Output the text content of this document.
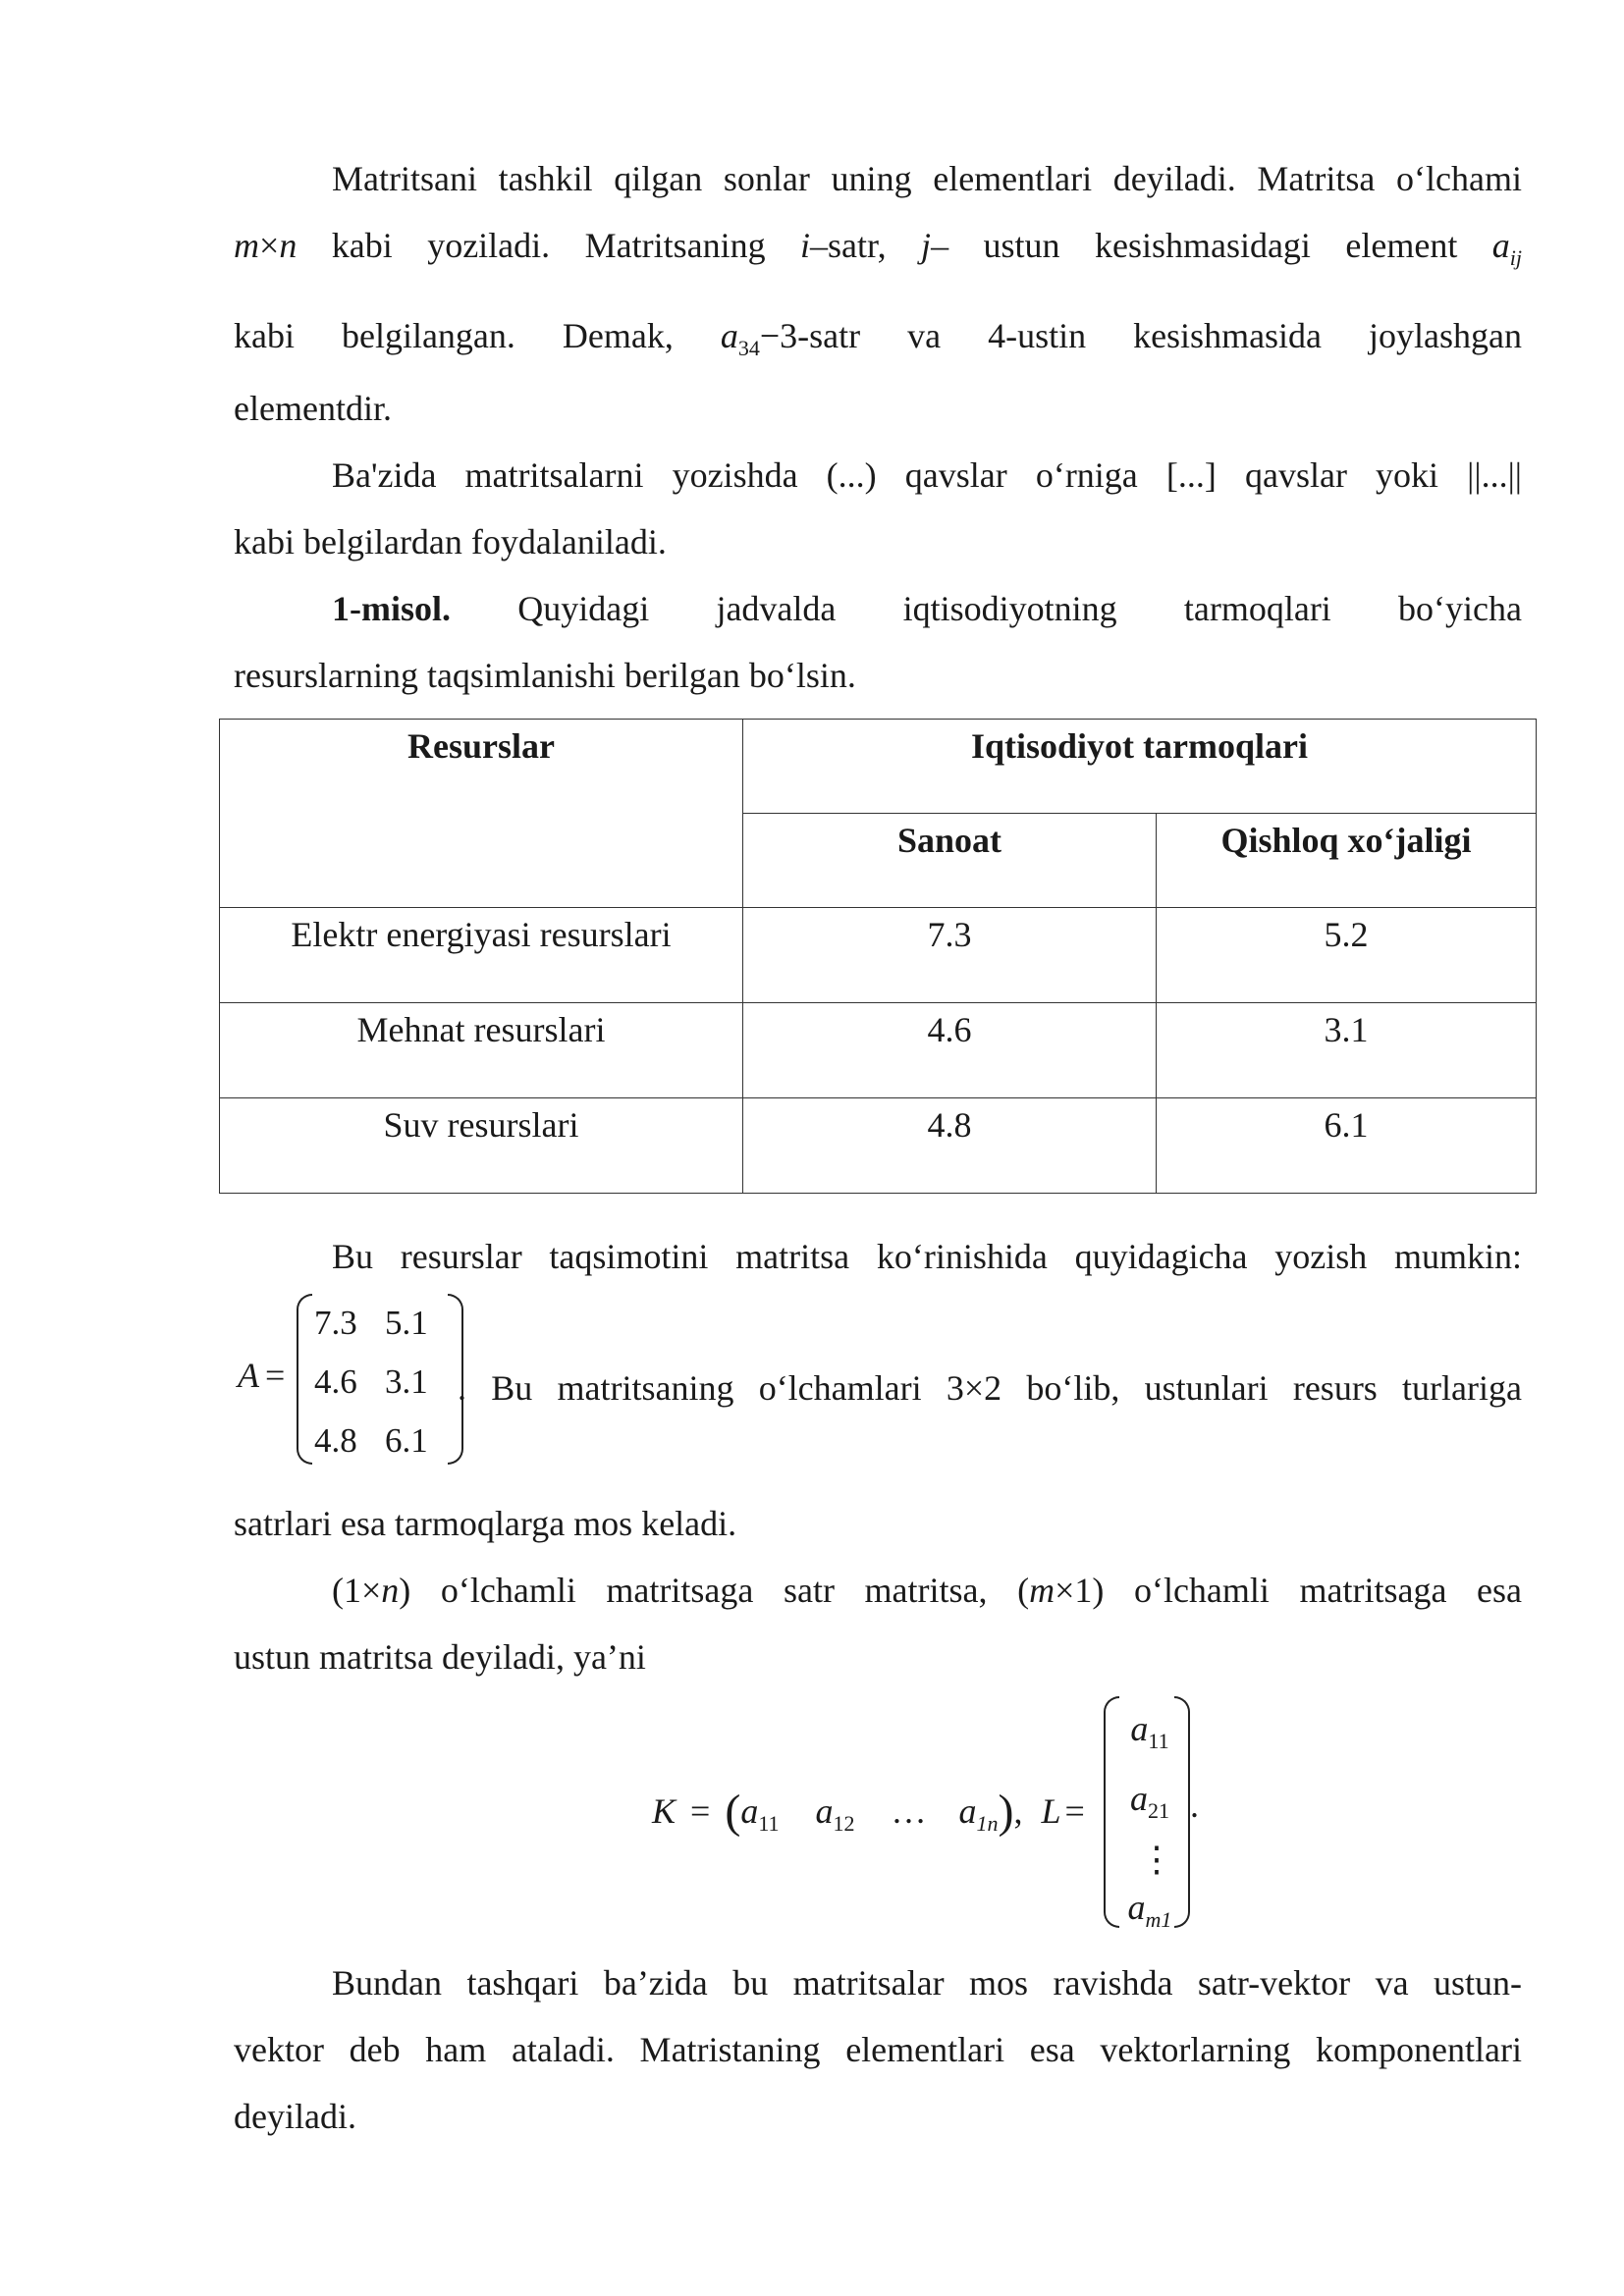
Matritsani tashkil qilgan sonlar uning elementlari deyiladi. Matritsa o‘lchami
m×n kabi yoziladi. Matritsaning i–satr, j– ustun kesishmasidagi element $a_{ij}$
kabi belgilangan. Demak, $a_{34}-3$-satr va 4-ustin kesishmasida joylashgan
elementdir.
Ba'zida matritsalarni yozishda (...) qavslar o‘rniga [...] qavslar yoki ||...||
kabi belgilardan foydalaniladi.
1-misol. Quyidagi jadvalda iqtisodiyotning tarmoqlari bo‘yicha
resurslarning taqsimlanishi berilgan bo‘lsin.
Resurslar	Iqtisodiyot tarmoqlari	
	Sanoat	Qishloq xo‘jaligi
Elektr energiyasi resurslari	7.3	5.2
Mehnat resurslari	4.6	3.1
Suv resurslari	4.8	6.1
Bu resurslar taqsimotini matritsa ko‘rinishida quyidagicha yozish mumkin:
A =
7.3 5.1
4.6 3.1
4.8 6.1
. Bu matritsaning o‘lchamlari 3×2 bo‘lib, ustunlari resurs turlariga
satrlari esa tarmoqlarga mos keladi.
(1×n) o‘lchamli matritsaga satr matritsa, (m×1) o‘lchamli matritsaga esa
ustun matritsa deyiladi, ya’ni
$K = (a_{11}$ $a_{12}$ … $a_{1n}$), L =
$a_{11}$
$a_{21}$
⋮
$a_{m1}$
.
Bundan tashqari ba’zida bu matritsalar mos ravishda satr-vektor va ustun-
vektor deb ham ataladi. Matristaning elementlari esa vektorlarning komponentlari
deyiladi.
